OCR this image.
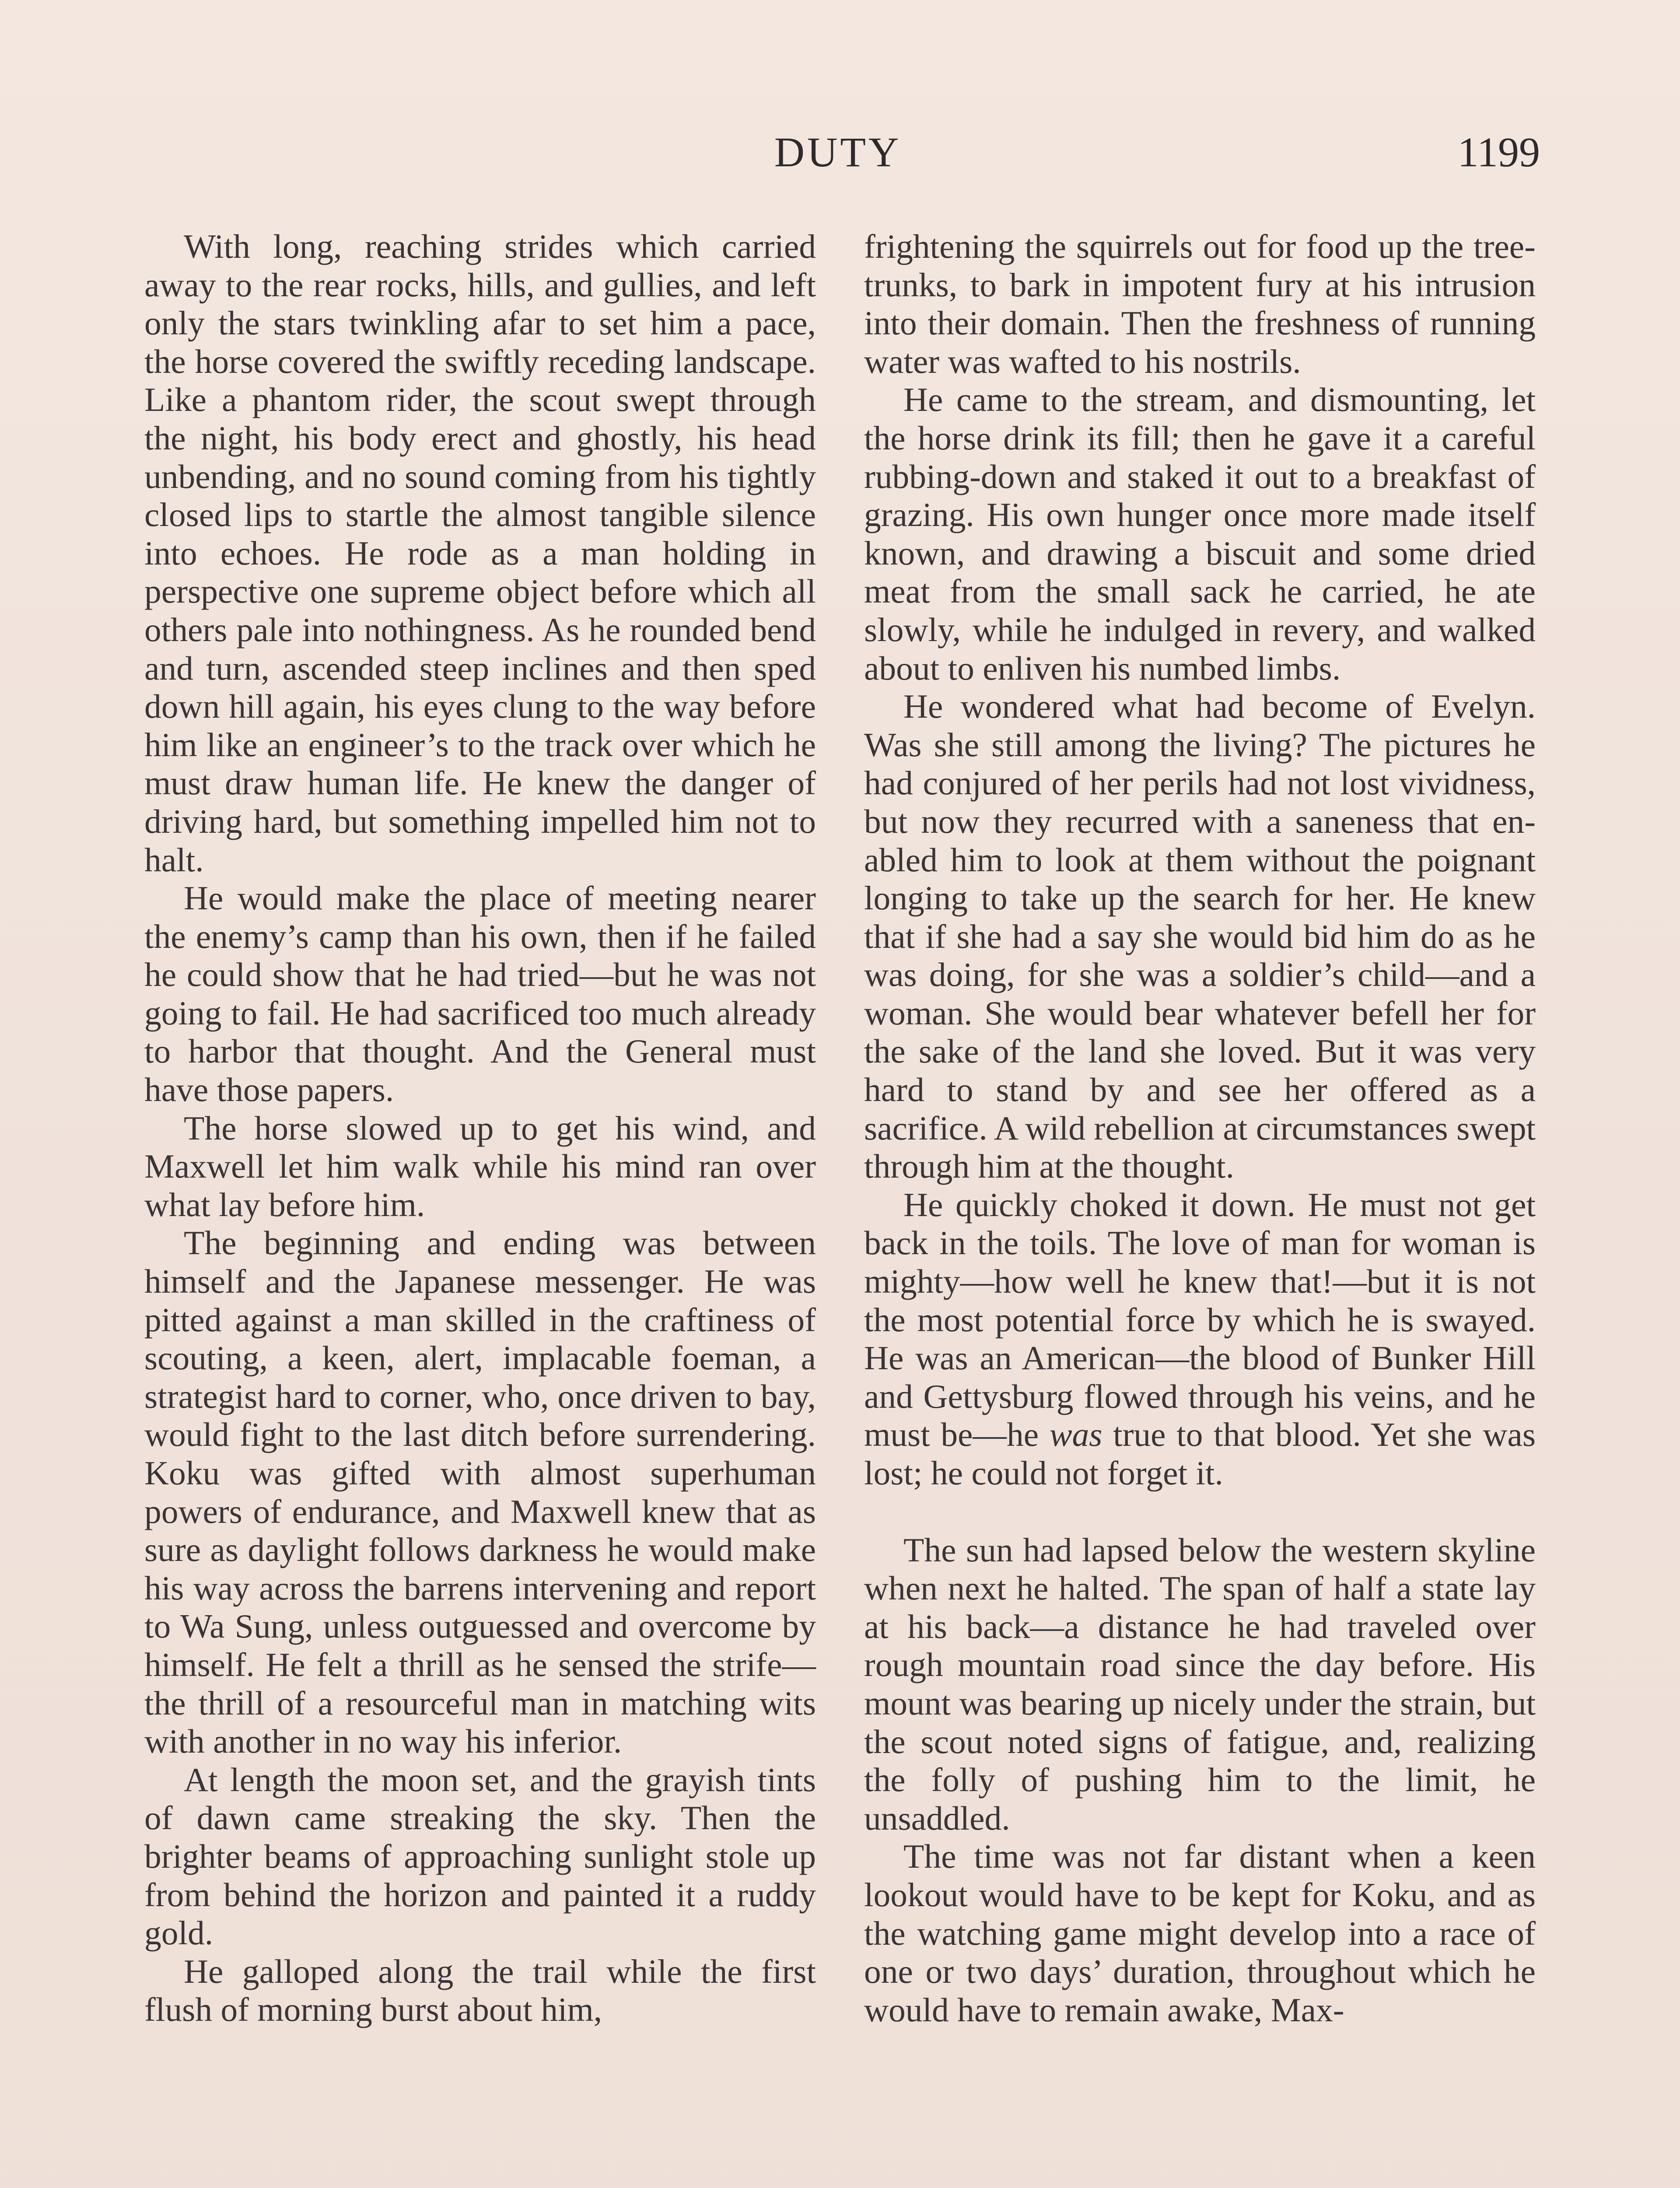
DUTY	1199

With long, reaching strides which carried away to the rear rocks, hills, and gullies, and left only the stars twinkling afar to set him a pace, the horse covered the swiftly receding landscape. Like a phantom rider, the scout swept through the night, his body erect and ghostly, his head unbending, and no sound coming from his tightly closed lips to startle the almost tangible silence into echoes. He rode as a man holding in perspective one supreme object before which all others pale into nothingness. As he rounded bend and turn, ascended steep inclines and then sped down hill again, his eyes clung to the way before him like an engineer’s to the track over which he must draw human life. He knew the danger of driving hard, but something impelled him not to halt.

He would make the place of meeting nearer the enemy’s camp than his own, then if he failed he could show that he had tried—but he was not going to fail. He had sacrificed too much already to harbor that thought. And the General must have those papers.

The horse slowed up to get his wind, and Maxwell let him walk while his mind ran over what lay before him.

The beginning and ending was between himself and the Japanese messenger. He was pitted against a man skilled in the craftiness of scouting, a keen, alert, implacable foeman, a strategist hard to corner, who, once driven to bay, would fight to the last ditch before surrendering. Koku was gifted with almost superhuman powers of endurance, and Maxwell knew that as sure as daylight follows darkness he would make his way across the barrens intervening and report to Wa Sung, unless outguessed and overcome by himself. He felt a thrill as he sensed the strife—the thrill of a resourceful man in matching wits with another in no way his inferior.

At length the moon set, and the grayish tints of dawn came streaking the sky. Then the brighter beams of approaching sunlight stole up from behind the horizon and painted it a ruddy gold.

He galloped along the trail while the first flush of morning burst about him,

frightening the squirrels out for food up the tree-trunks, to bark in impotent fury at his intrusion into their domain. Then the freshness of running water was wafted to his nostrils.

He came to the stream, and dismounting, let the horse drink its fill; then he gave it a careful rubbing-down and staked it out to a breakfast of grazing. His own hunger once more made itself known, and drawing a biscuit and some dried meat from the small sack he carried, he ate slowly, while he indulged in revery, and walked about to enliven his numbed limbs.

He wondered what had become of Evelyn. Was she still among the living? The pictures he had conjured of her perils had not lost vividness, but now they recurred with a saneness that enabled him to look at them without the poignant longing to take up the search for her. He knew that if she had a say she would bid him do as he was doing, for she was a soldier’s child—and a woman. She would bear whatever befell her for the sake of the land she loved. But it was very hard to stand by and see her offered as a sacrifice. A wild rebellion at circumstances swept through him at the thought.

He quickly choked it down. He must not get back in the toils. The love of man for woman is mighty—how well he knew that!—but it is not the most potential force by which he is swayed. He was an American—the blood of Bunker Hill and Gettysburg flowed through his veins, and he must be—he was true to that blood. Yet she was lost; he could not forget it.

The sun had lapsed below the western skyline when next he halted. The span of half a state lay at his back—a distance he had traveled over rough mountain road since the day before. His mount was bearing up nicely under the strain, but the scout noted signs of fatigue, and, realizing the folly of pushing him to the limit, he unsaddled.

The time was not far distant when a keen lookout would have to be kept for Koku, and as the watching game might develop into a race of one or two days’ duration, throughout which he would have to remain awake, Max-
